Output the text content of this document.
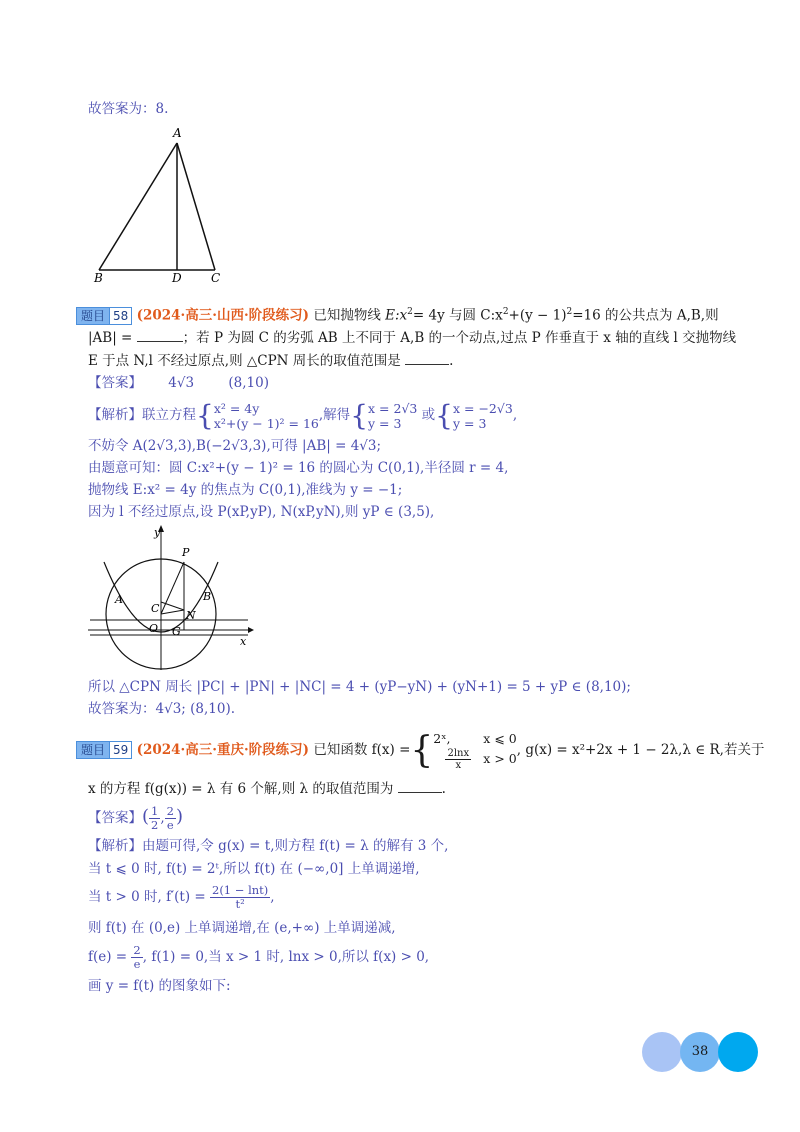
故答案为：8.
A
B	D C
题目 58 (2024·高三·山西·阶段练习) 已知抛物线 $E:x^2= 4y$ 与圆 $C:x^2+(y - 1)^2=16$ 的公共点为 A,B,则
|AB| =	；若 P 为圆 C 的劣弧 AB 上不同于 A,B 的一个动点,过点 P 作垂直于 x 轴的直线 l 交抛物线
E 于点 N,l 不经过原点,则 △CPN 周长的取值范围是	.
【答案】 4√3	(8,10)
【解析】联立方程{ x² = 4y
x²+(y − 1)² = 16 ,解得{ x = 2√3
y = 3	或{ x = −2√3
y = 3	,
不妨令 A(2√3,3),B(−2√3,3),可得 |AB| = 4√3;
由题意可知：圆 C:x²+(y − 1)² = 16 的圆心为 C(0,1),半径圆 r = 4,
抛物线 E:x² = 4y 的焦点为 C(0,1),准线为 y = −1;
因为 l 不经过原点,设 P(xP,yP), N(xP,yN),则 yP ∈ (3,5),
y
x
P
A	B
C
N
O G
所以 △CPN 周长 |PC| + |PN| + |NC| = 4 + (yP−yN) + (yN+1) = 5 + yP ∈ (8,10);
故答案为：4√3; (8,10).
题目 59 (2024·高三·重庆·阶段练习) 已知函数 f(x) ={ 2ˣ,	x ⩽ 0
$\frac{2\ln x}{x}x > 0$
, g(x) = x²+2x + 1 − 2λ,λ ∈ R,若关于
x 的方程 f(g(x)) = λ 有 6 个解,则 λ 的取值范围为	.
【答案】( $\frac{1}{2}$ , $\frac{2}{e}$ )
【解析】由题可得,令 g(x) = t,则方程 f(t) = λ 的解有 3 个,
当 t ⩽ 0 时, f(t) = 2ᵗ,所以 f(t) 在 (−∞,0] 上单调递增,
当 t > 0 时, $f'(t) = \frac{2(1 - \ln t)}{\text{t²}}$ ,
则 f(t) 在 (0,e) 上单调递增,在 (e,+∞) 上单调递减,
$f(e) = \frac{2}{e}$ , f(1) = 0,当 x > 1 时, lnx > 0,所以 f(x) > 0,
画 y = f(t) 的图象如下:
38
